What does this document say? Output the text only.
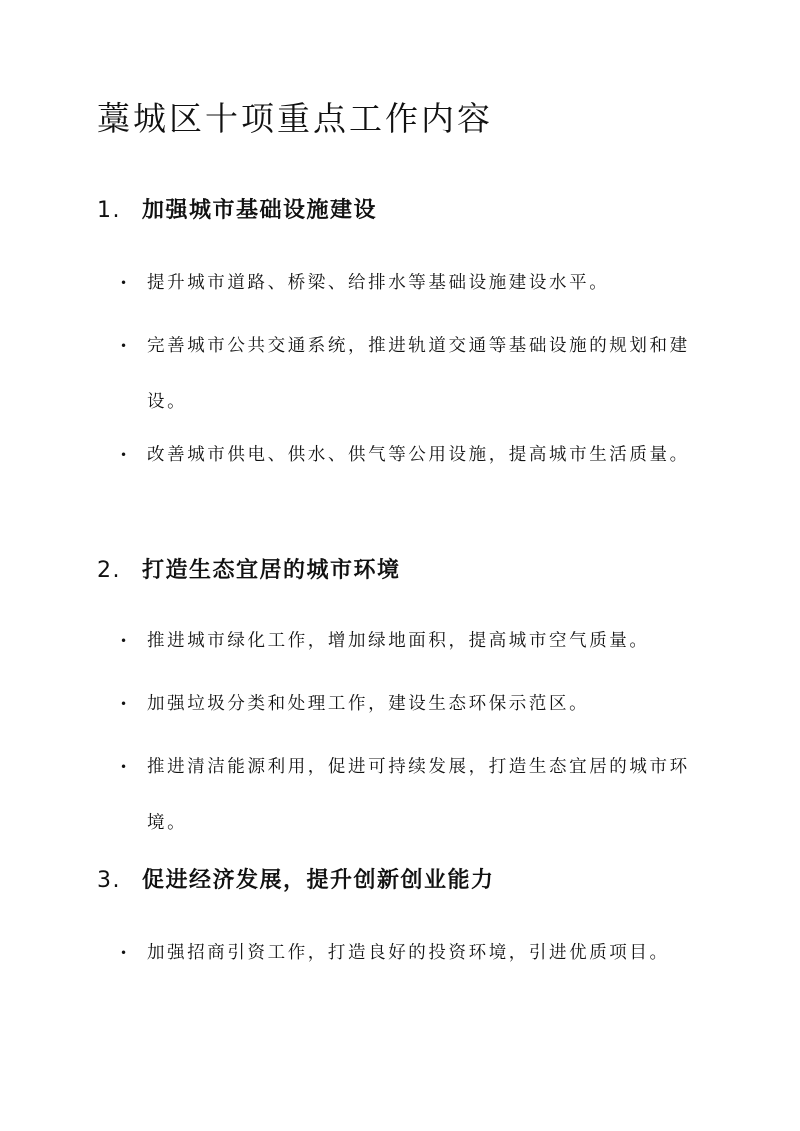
藁城区十项重点工作内容
1. 加强城市基础设施建设

• 提升城市道路、桥梁、给排水等基础设施建设水平。

• 完善城市公共交通系统，推进轨道交通等基础设施的规划和建设。

• 改善城市供电、供水、供气等公用设施，提高城市生活质量。

2. 打造生态宜居的城市环境

• 推进城市绿化工作，增加绿地面积，提高城市空气质量。

• 加强垃圾分类和处理工作，建设生态环保示范区。

• 推进清洁能源利用，促进可持续发展，打造生态宜居的城市环境。

3. 促进经济发展，提升创新创业能力

• 加强招商引资工作，打造良好的投资环境，引进优质项目。
